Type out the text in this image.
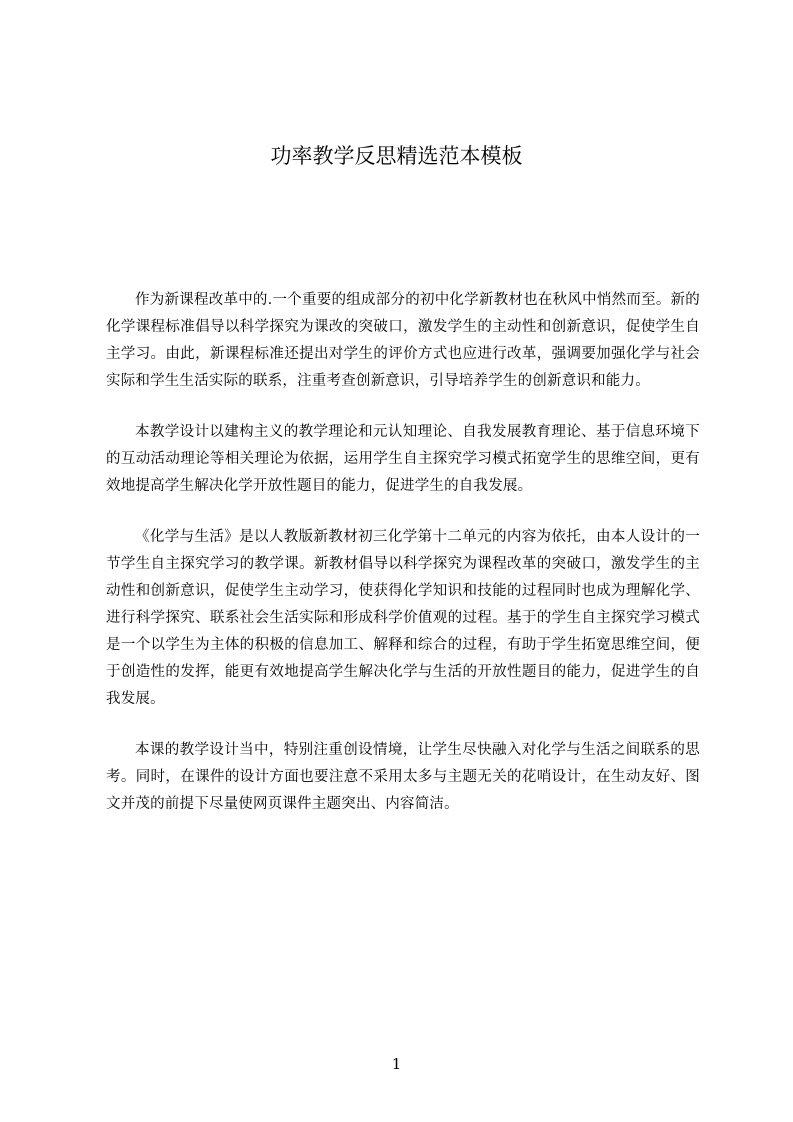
功率教学反思精选范本模板

作为新课程改革中的.一个重要的组成部分的初中化学新教材也在秋风中悄然而至。新的化学课程标准倡导以科学探究为课改的突破口，激发学生的主动性和创新意识，促使学生自主学习。由此，新课程标准还提出对学生的评价方式也应进行改革，强调要加强化学与社会实际和学生生活实际的联系，注重考查创新意识，引导培养学生的创新意识和能力。

本教学设计以建构主义的教学理论和元认知理论、自我发展教育理论、基于信息环境下的互动活动理论等相关理论为依据，运用学生自主探究学习模式拓宽学生的思维空间，更有效地提高学生解决化学开放性题目的能力，促进学生的自我发展。

《化学与生活》是以人教版新教材初三化学第十二单元的内容为依托，由本人设计的一节学生自主探究学习的教学课。新教材倡导以科学探究为课程改革的突破口，激发学生的主动性和创新意识，促使学生主动学习，使获得化学知识和技能的过程同时也成为理解化学、进行科学探究、联系社会生活实际和形成科学价值观的过程。基于的学生自主探究学习模式是一个以学生为主体的积极的信息加工、解释和综合的过程，有助于学生拓宽思维空间，便于创造性的发挥，能更有效地提高学生解决化学与生活的开放性题目的能力，促进学生的自我发展。

本课的教学设计当中，特别注重创设情境，让学生尽快融入对化学与生活之间联系的思考。同时，在课件的设计方面也要注意不采用太多与主题无关的花哨设计，在生动友好、图文并茂的前提下尽量使网页课件主题突出、内容简洁。

1
